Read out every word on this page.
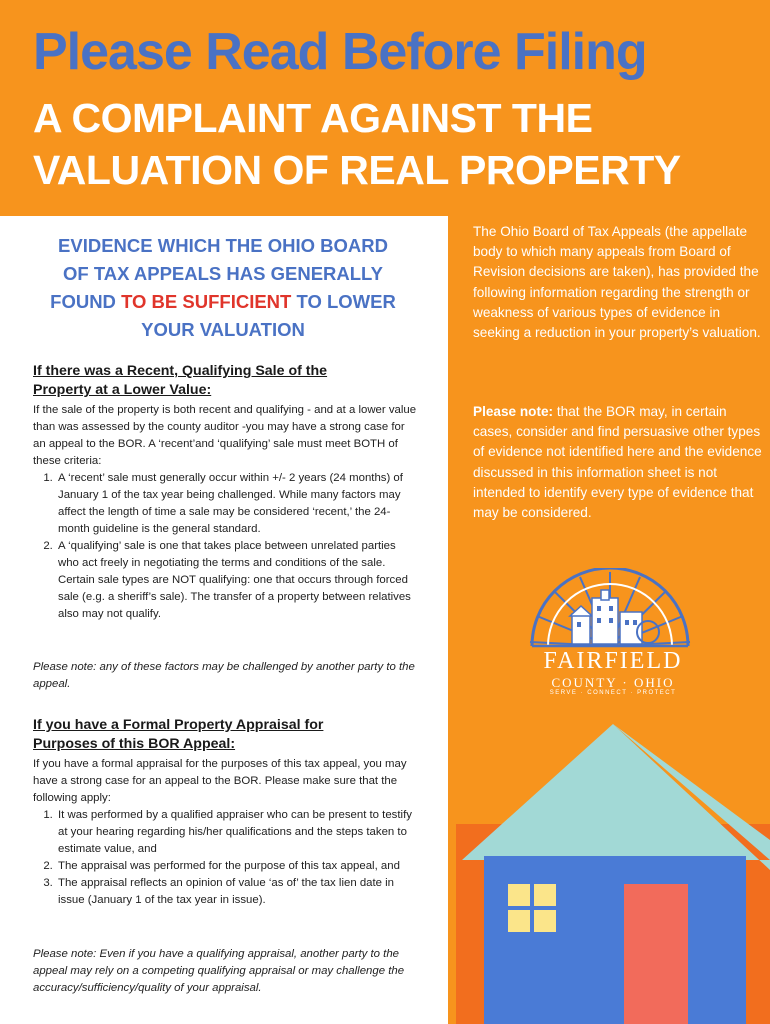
Please Read Before Filing
A COMPLAINT AGAINST THE
VALUATION OF REAL PROPERTY
EVIDENCE WHICH THE OHIO BOARD
OF TAX APPEALS HAS GENERALLY
FOUND TO BE SUFFICIENT TO LOWER
YOUR VALUATION
If there was a Recent, Qualifying Sale of the
Property at a Lower Value:

If the sale of the property is both recent and qualifying - and at a lower value than was assessed by the county auditor -you may have a strong case for an appeal to the BOR. A ‘recent’and ‘qualifying’ sale must meet BOTH of these criteria:

1. A ‘recent’ sale must generally occur within +/- 2 years (24 months) of January 1 of the tax year being challenged. While many factors may affect the length of time a sale may be considered ‘recent,’ the 24-month guideline is the general standard.
2. A ‘qualifying’ sale is one that takes place between unrelated parties who act freely in negotiating the terms and conditions of the sale. Certain sale types are NOT qualifying: one that occurs through forced sale (e.g. a sheriff’s sale). The transfer of a property between relatives also may not qualify.
Please note: any of these factors may be challenged by another party to the appeal.
If you have a Formal Property Appraisal for
Purposes of this BOR Appeal:

If you have a formal appraisal for the purposes of this tax appeal, you may have a strong case for an appeal to the BOR. Please make sure that the following apply:

1. It was performed by a qualified appraiser who can be present to testify at your hearing regarding his/her qualifications and the steps taken to estimate value, and
2. The appraisal was performed for the purpose of this tax appeal, and
3. The appraisal reflects an opinion of value ‘as of’ the tax lien date in issue (January 1 of the tax year in issue).
Please note: Even if you have a qualifying appraisal, another party to the appeal may rely on a competing qualifying appraisal or may challenge the accuracy/sufficiency/quality of your appraisal.

The Ohio Board of Tax Appeals (the appellate body to which many appeals from Board of Revision decisions are taken), has provided the following information regarding the strength or weakness of various types of evidence in seeking a reduction in your property’s valuation.

Please note: that the BOR may, in certain cases, consider and find persuasive other types of evidence not identified here and the evidence discussed in this information sheet is not intended to identify every type of evidence that may be considered.
FAIRFIELD
COUNTY · OHIO
SERVE · CONNECT · PROTECT
